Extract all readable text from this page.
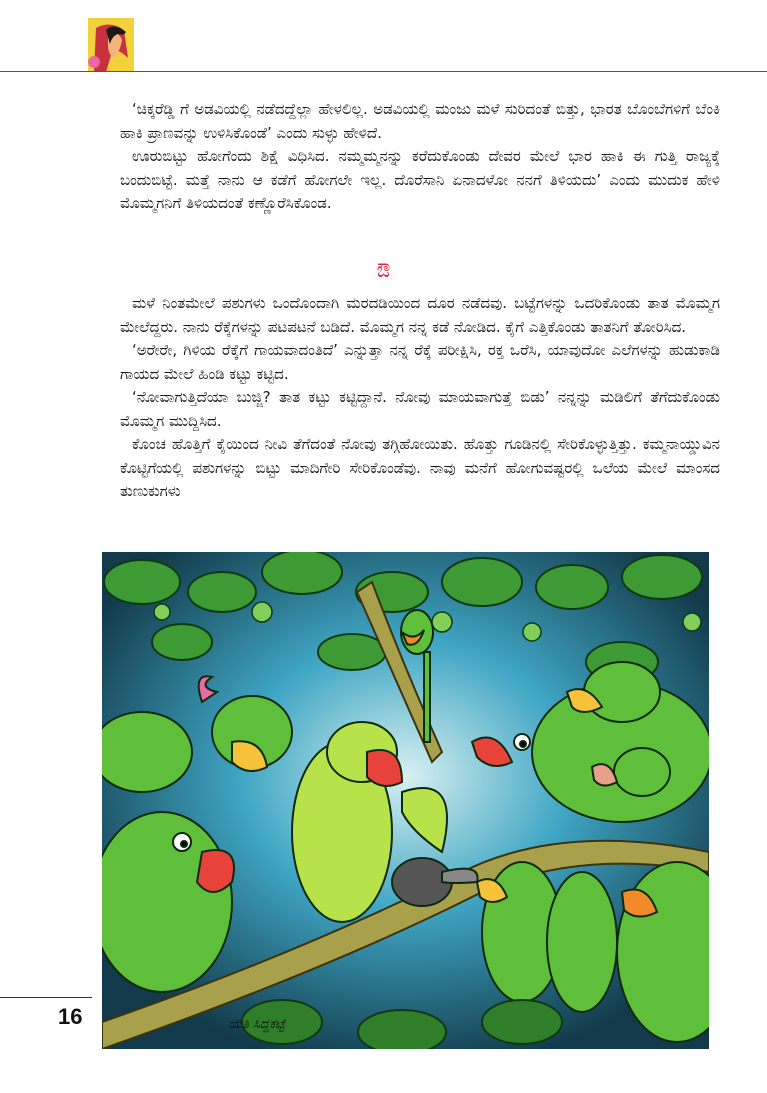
‘ಚಿಕ್ಕರೆಡ್ಡಿ ಗೆ ಅಡವಿಯಲ್ಲಿ ನಡೆದದ್ದೆಲ್ಲಾ ಹೇಳಲಿಲ್ಲ. ಅಡವಿಯಲ್ಲಿ ಮಂಜು ಮಳೆ ಸುರಿದಂತೆ ಬಿತ್ತು, ಭಾರತ ಬೊಂಬೆಗಳಿಗೆ ಬೆಂಕಿ ಹಾಕಿ ಪ್ರಾಣವನ್ನು ಉಳಿಸಿಕೊಂಡೆ’ ಎಂದು ಸುಳ್ಳು ಹೇಳಿದೆ.

ಊರುಬಿಟ್ಟು ಹೋಗೆಂದು ಶಿಕ್ಷೆ ವಿಧಿಸಿದ. ನಮ್ಮಮ್ಮನನ್ನು ಕರೆದುಕೊಂಡು ದೇವರ ಮೇಲೆ ಭಾರ ಹಾಕಿ ಈ ಗುತ್ತಿ ರಾಜ್ಯಕ್ಕೆ ಬಂದುಬಿಟ್ಟೆ. ಮತ್ತೆ ನಾನು ಆ ಕಡೆಗೆ ಹೋಗಲೇ ಇಲ್ಲ. ದೊರೆಸಾನಿ ಏನಾದಳೋ ನನಗೆ ತಿಳಿಯದು’ ಎಂದು ಮುದುಕ ಹೇಳಿ ಮೊಮ್ಮಗನಿಗೆ ತಿಳಿಯದಂತೆ ಕಣ್ಣೊರೆಸಿಕೊಂಡ.

ಔ

ಮಳೆ ನಿಂತಮೇಲೆ ಪಶುಗಳು ಒಂದೊಂದಾಗಿ ಮರದಡಿಯಿಂದ ದೂರ ನಡೆದವು. ಬಟ್ಟೆಗಳನ್ನು ಒದರಿಕೊಂಡು ತಾತ ಮೊಮ್ಮಗ ಮೇಲೆದ್ದರು. ನಾನು ರೆಕ್ಕೆಗಳನ್ನು ಪಟಪಟನೆ ಬಡಿದೆ. ಮೊಮ್ಮಗ ನನ್ನ ಕಡೆ ನೋಡಿದ. ಕೈಗೆ ಎತ್ತಿಕೊಂಡು ತಾತನಿಗೆ ತೋರಿಸಿದ.

‘ಅರೇರೇ, ಗಿಳಿಯ ರೆಕ್ಕೆಗೆ ಗಾಯವಾದಂತಿದೆ’ ಎನ್ನುತ್ತಾ ನನ್ನ ರೆಕ್ಕೆ ಪರೀಕ್ಷಿಸಿ, ರಕ್ತ ಒರೆಸಿ, ಯಾವುದೋ ಎಲೆಗಳನ್ನು ಹುಡುಕಾಡಿ ಗಾಯದ ಮೇಲೆ ಹಿಂಡಿ ಕಟ್ಟು ಕಟ್ಟಿದ.

‘ನೋವಾಗುತ್ತಿದೆಯಾ ಬುಜ್ಜಿ? ತಾತ ಕಟ್ಟು ಕಟ್ಟಿದ್ದಾನೆ. ನೋವು ಮಾಯವಾಗುತ್ತೆ ಬಿಡು’ ನನ್ನನ್ನು ಮಡಿಲಿಗೆ ತೆಗೆದುಕೊಂಡು ಮೊಮ್ಮಗ ಮುದ್ದಿಸಿದ.

ಕೊಂಚ ಹೊತ್ತಿಗೆ ಕೈಯಿಂದ ನೀವಿ ತೆಗೆದಂತೆ ನೋವು ತಗ್ಗಿಹೋಯಿತು. ಹೊತ್ತು ಗೂಡಿನಲ್ಲಿ ಸೇರಿಕೊಳ್ಳುತ್ತಿತ್ತು. ಕಮ್ಮನಾಯ್ಡುವಿನ ಕೊಟ್ಟಿಗೆಯಲ್ಲಿ ಪಶುಗಳನ್ನು ಬಿಟ್ಟು ಮಾದಿಗೇರಿ ಸೇರಿಕೊಂಡೆವು. ನಾವು ಮನೆಗೆ ಹೋಗುವಷ್ಟರಲ್ಲಿ ಒಲೆಯ ಮೇಲೆ ಮಾಂಸದ ತುಣುಕುಗಳು

ಯತಿ ಸಿದ್ದಕಟ್ಟೆ
16
